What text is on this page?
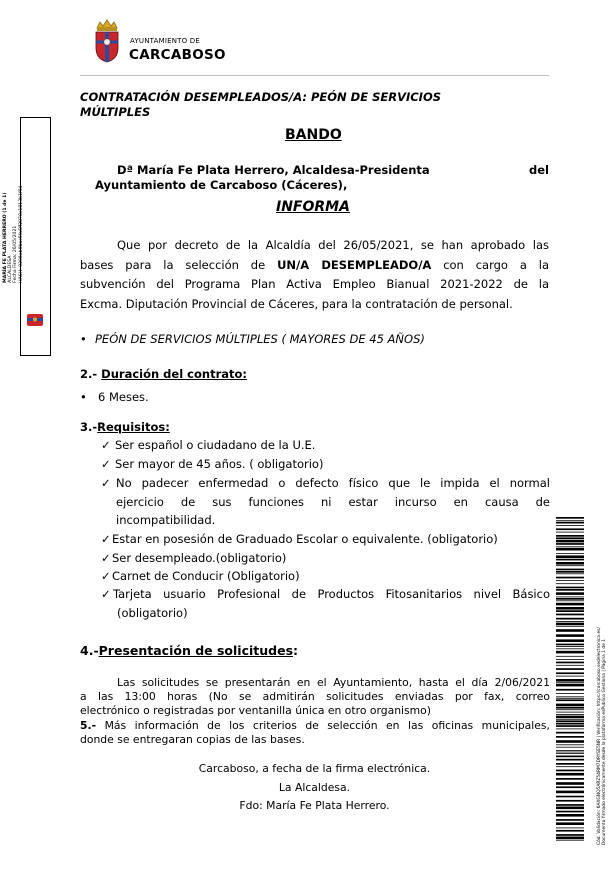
AYUNTAMIENTO DE
CARCABOSO
MARÍA FE PLATA HERRERO (1 de 1) ALCALDESA Fecha Firma: 26/05/2021 HASH: 0206ab0bac5fa6ff2870c1813b1f94
CONTRATACIÓN DESEMPLEADOS/A: PEÓN DE SERVICIOS
MÚLTIPLES
BANDO
Dª María Fe Plata Herrero, Alcaldesa-Presidenta	del
Ayuntamiento de Carcaboso (Cáceres),
INFORMA
Que por decreto de la Alcaldía del 26/05/2021, se han aprobado las
bases para la selección de UN/A DESEMPLEADO/A con cargo a la
subvención del Programa Plan Activa Empleo Bianual 2021-2022 de la
Excma. Diputación Provincial de Cáceres, para la contratación de personal.
• PEÓN DE SERVICIOS MÚLTIPLES ( MAYORES DE 45 AÑOS)
2.- Duración del contrato:
• 6 Meses.
3.-Requisitos:
✓ Ser español o ciudadano de la U.E.
✓ Ser mayor de 45 años. ( obligatorio)
✓ No padecer enfermedad o defecto físico que le impida el normal
ejercicio de sus funciones ni estar incurso en causa de
incompatibilidad.
✓Estar en posesión de Graduado Escolar o equivalente. (obligatorio)
✓Ser desempleado.(obligatorio)
✓Carnet de Conducir (Obligatorio)
✓ Tarjeta usuario Profesional de Productos Fitosanitarios nivel Básico
(obligatorio)
4.-Presentación de solicitudes:
Las solicitudes se presentarán en el Ayuntamiento, hasta el día 2/06/2021
a las 13:00 horas (No se admitirán solicitudes enviadas por fax, correo
electrónico o registradas por ventanilla única en otro organismo)
5.- Más información de los criterios de selección en las oficinas municipales,
donde se entregaran copias de las bases.
Carcaboso, a fecha de la firma electrónica.
La Alcaldesa.
Fdo: María Fe Plata Herrero.	Cód. Validación: 6AXGNQ5ARZ54RM7DRYSE5NR | Verificación: https://carcaboso.sedelectronica.es/ Documento firmado electrónicamente desde la plataforma esPublico Gestiona | Página 1 de 1
